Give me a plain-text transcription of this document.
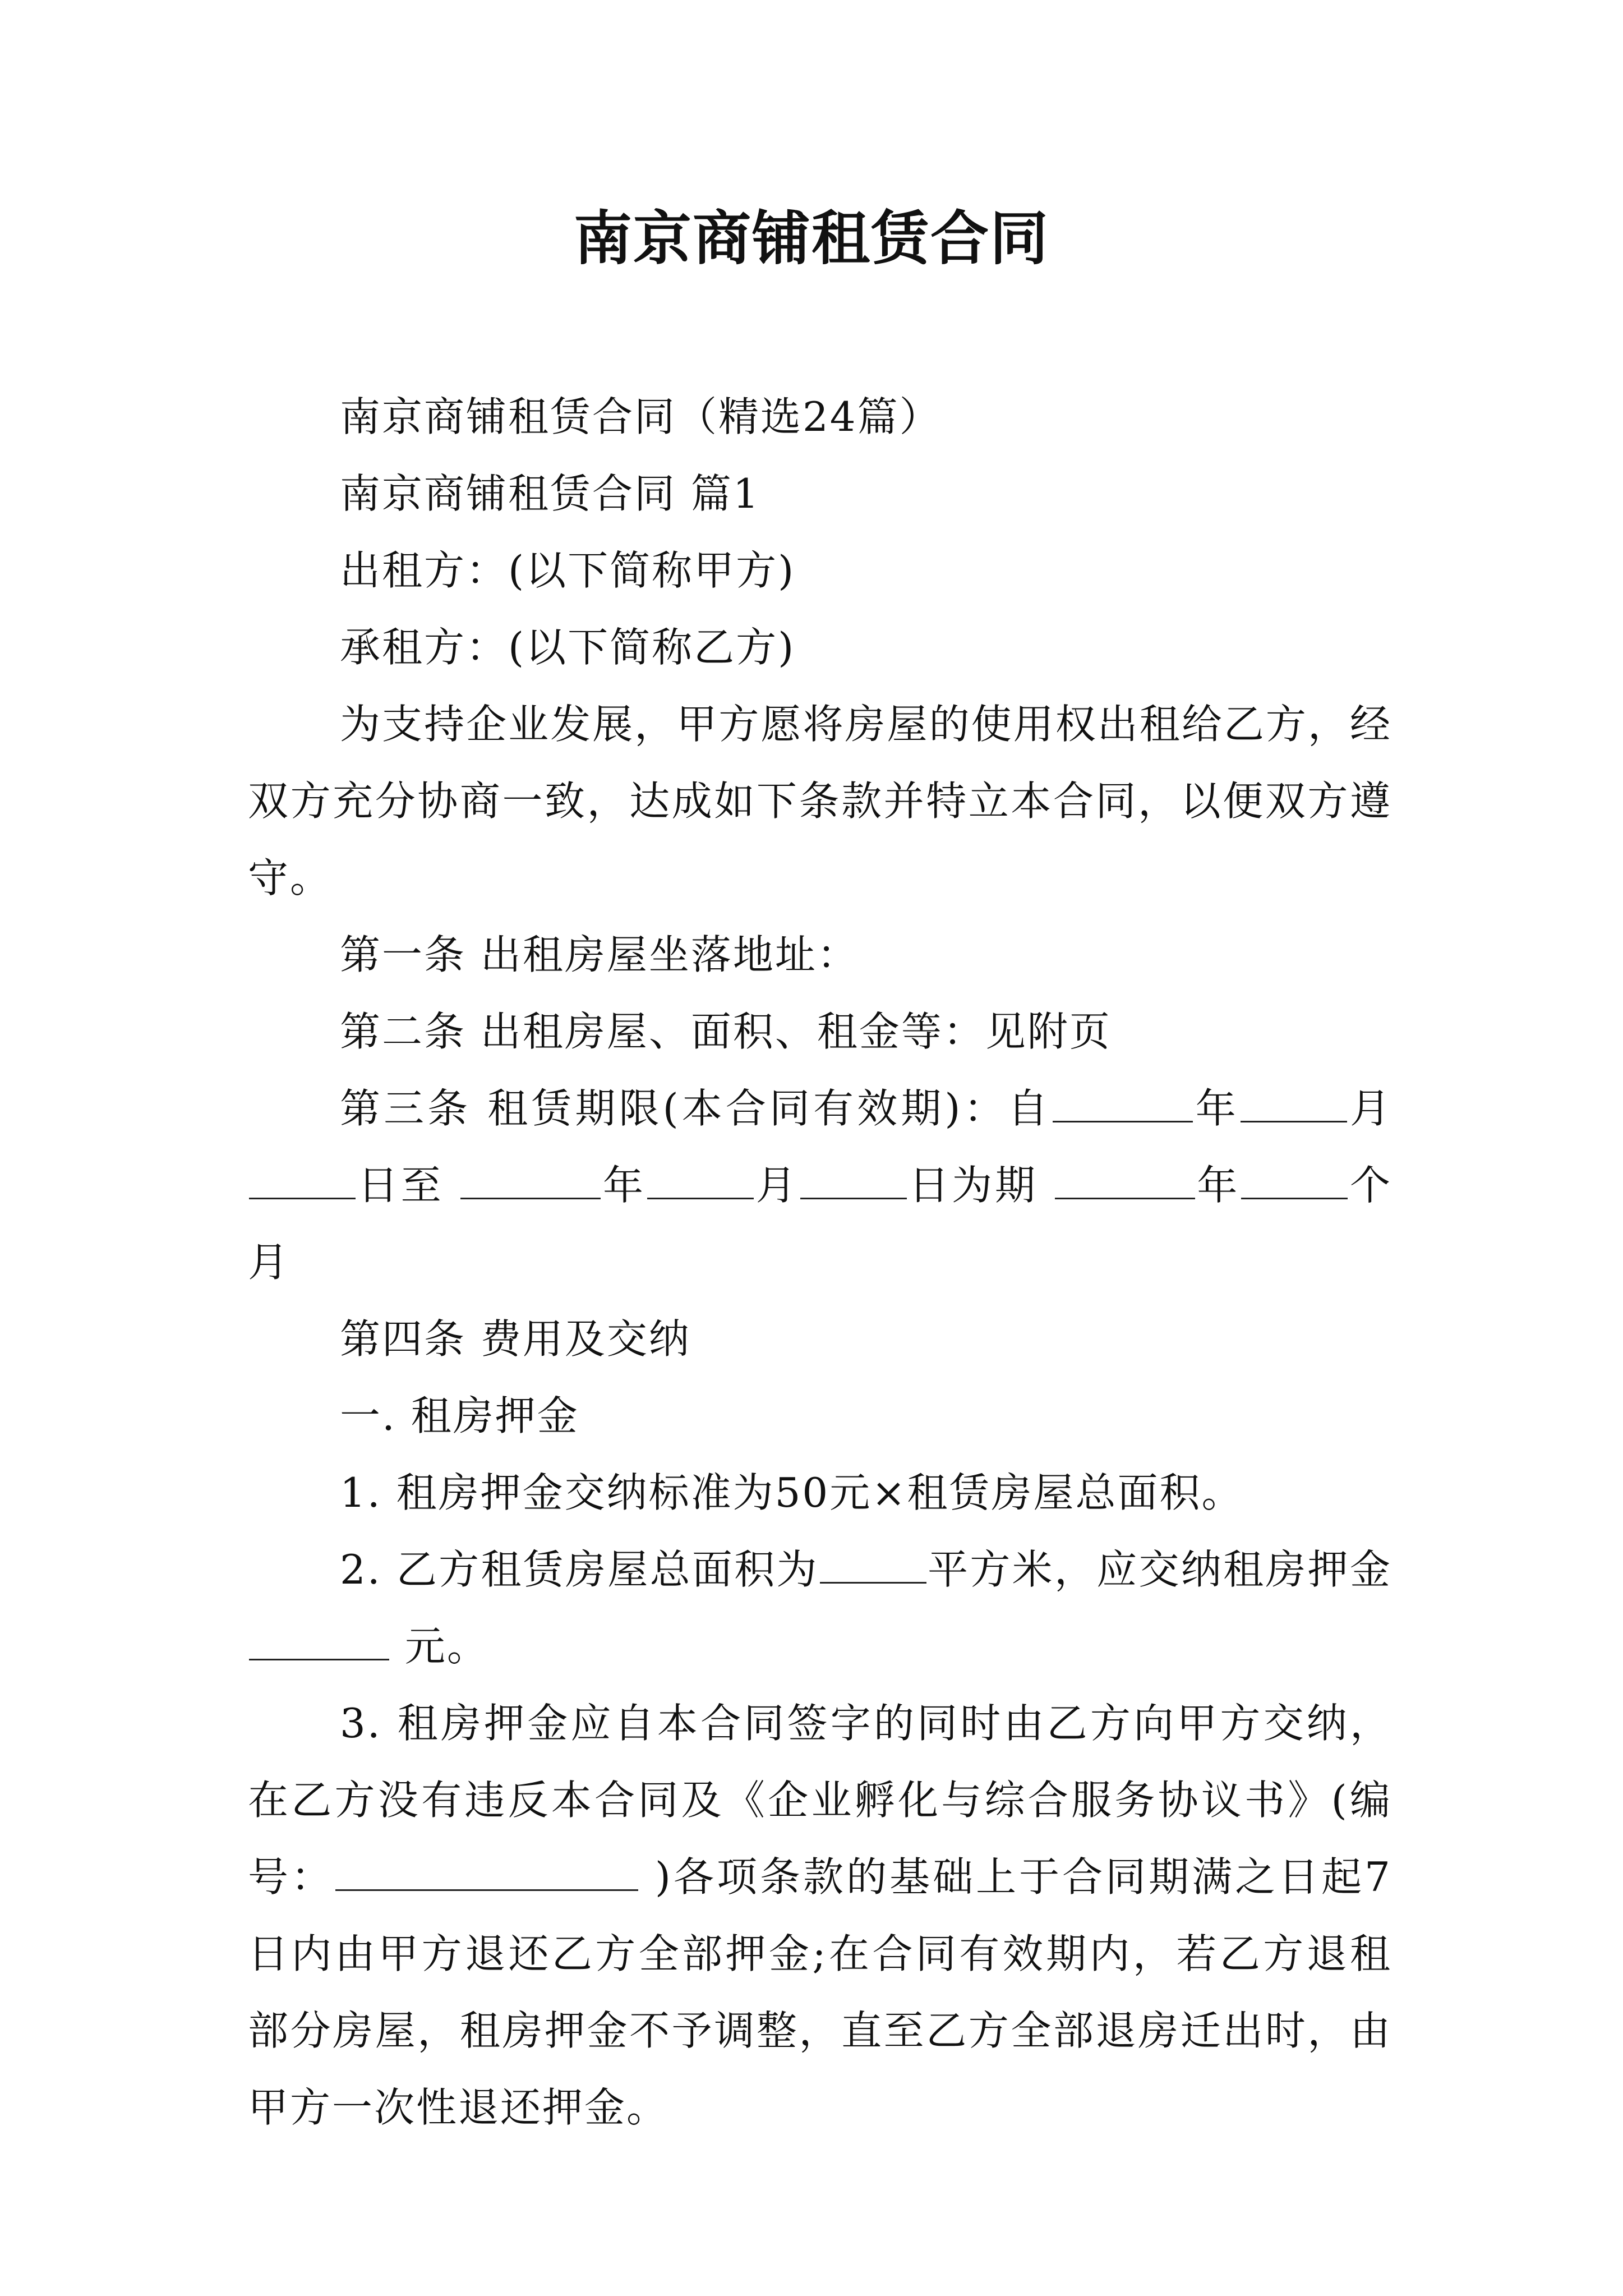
南京商铺租赁合同

南京商铺租赁合同（精选24篇）

南京商铺租赁合同 篇1

出租方：(以下简称甲方)

承租方：(以下简称乙方)

为支持企业发展，甲方愿将房屋的使用权出租给乙方，经双方充分协商一致，达成如下条款并特立本合同，以便双方遵守。

第一条 出租房屋坐落地址：

第二条 出租房屋、面积、租金等：见附页

第三条 租赁期限(本合同有效期)：自	年	月日至	年	月	日为期	年	个月

第四条 费用及交纳

一. 租房押金

1. 租房押金交纳标准为50元×租赁房屋总面积。

2. 乙方租赁房屋总面积为	平方米，应交纳租房押金 元。

3. 租房押金应自本合同签字的同时由乙方向甲方交纳，在乙方没有违反本合同及《企业孵化与综合服务协议书》(编号：	)各项条款的基础上于合同期满之日起7日内由甲方退还乙方全部押金;在合同有效期内，若乙方退租部分房屋，租房押金不予调整，直至乙方全部退房迁出时，由甲方一次性退还押金。
